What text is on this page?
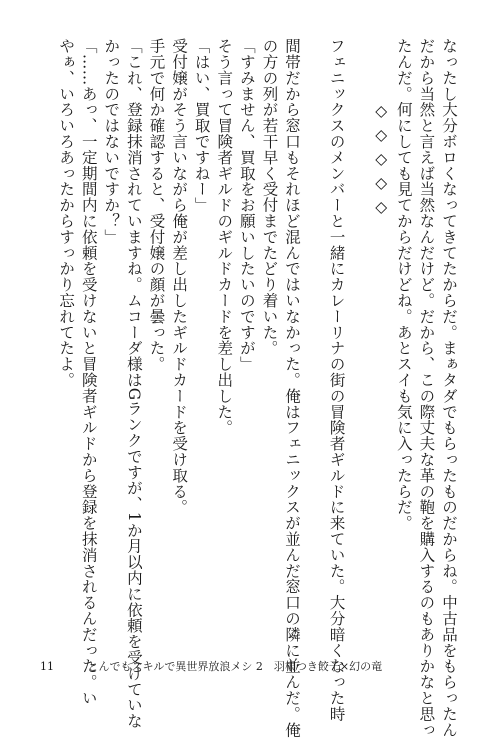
なったし大分ボロくなってきてたからだ。まぁタダでもらったものだからね。中古品をもらったん
だから当然と言えば当然なんだけど。だから、この際丈夫な革の鞄を購入するのもありかなと思っ
たんだ。何にしても見てからだけどね。あとスイも気に入ったらだ。
◇◇◇◇◇
フェニックスのメンバーと一緒にカレーリナの街の冒険者ギルドに来ていた。大分暗くなった時
間帯だから窓口もそれほど混んではいなかった。俺はフェニックスが並んだ窓口の隣に並んだ。俺
の方の列が若干早く受付までたどり着いた。
「すみません、買取をお願いしたいのですが」
そう言って冒険者ギルドのギルドカードを差し出した。
「はい、買取ですねー」
受付嬢がそう言いながら俺が差し出したギルドカードを受け取る。
手元で何か確認すると、受付嬢の顔が曇った。
「これ、登録抹消されていますね。ムコーダ様はGランクですが、1か月以内に依頼を受けていな
かったのではないですか？」
「……あっ、一定期間内に依頼を受けないと冒険者ギルドから登録を抹消されるんだった。い
やぁ、いろいろあったからすっかり忘れてたよ。
11	とんでもスキルで異世界放浪メシ 2　羽根つき餃子×幻の竜
